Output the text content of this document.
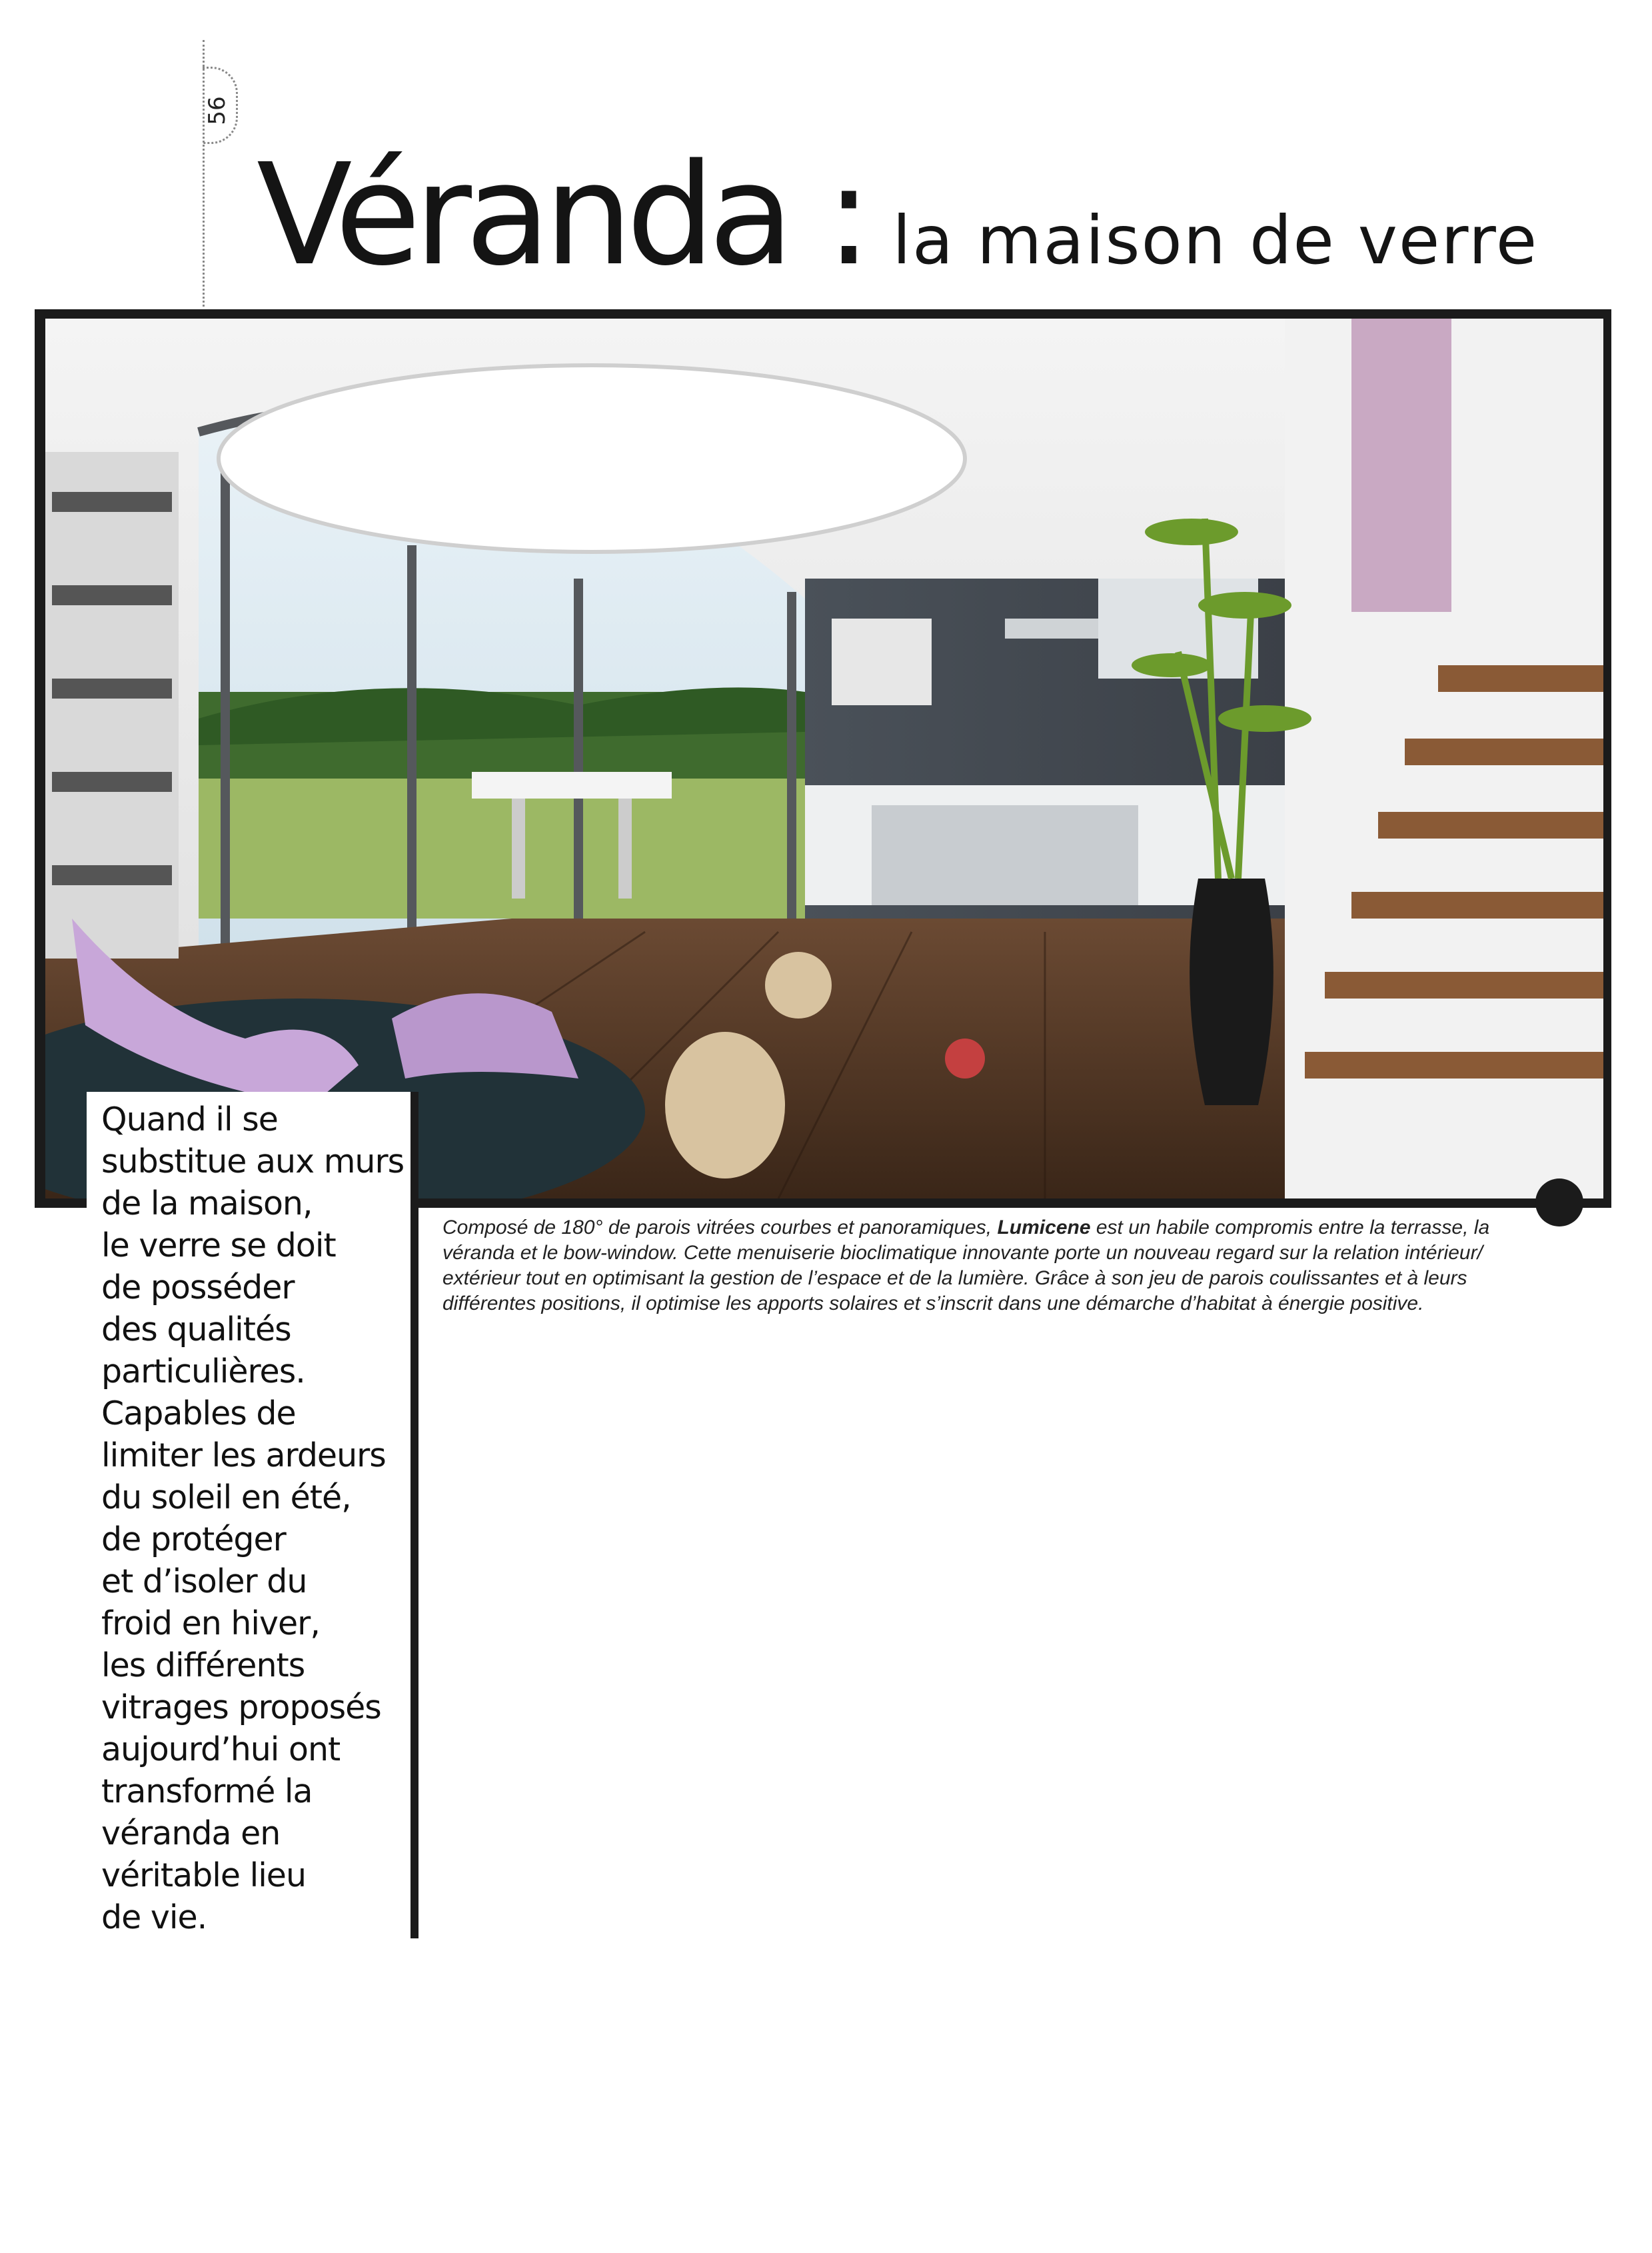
56
Véranda : la maison de verre
Quand il se
substitue aux murs
de la maison,
le verre se doit
de posséder
des qualités
particulières.
Capables de
limiter les ardeurs
du soleil en été,
de protéger
et d’isoler du
froid en hiver,
les différents
vitrages proposés
aujourd’hui ont
transformé la
véranda en
véritable lieu
de vie.
Composé de 180° de parois vitrées courbes et panoramiques, Lumicene est un habile compromis entre la terrasse, la véranda et le bow-window. Cette menuiserie bioclimatique innovante porte un nouveau regard sur la relation intérieur/ extérieur tout en optimisant la gestion de l’espace et de la lumière. Grâce à son jeu de parois coulissantes et à leurs différentes positions, il optimise les apports solaires et s’inscrit dans une démarche d’habitat à énergie positive.
